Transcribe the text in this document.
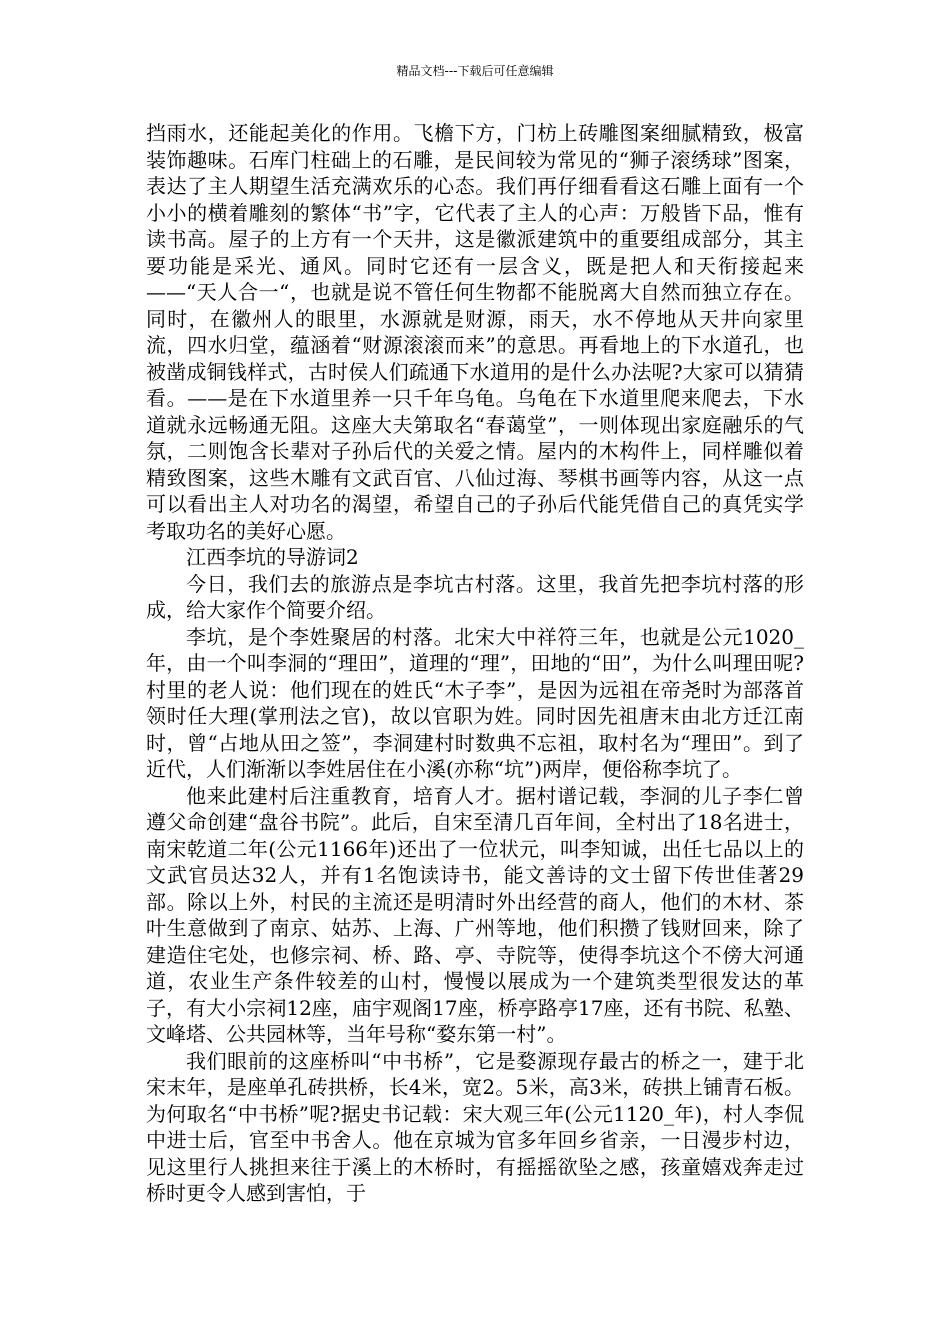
精品文档---下载后可任意编辑

挡雨水，还能起美化的作用。飞檐下方，门枋上砖雕图案细腻精致，极富装饰趣味。石库门柱础上的石雕，是民间较为常见的“狮子滚绣球”图案，表达了主人期望生活充满欢乐的心态。我们再仔细看看这石雕上面有一个小小的横着雕刻的繁体“书”字，它代表了主人的心声：万般皆下品，惟有读书高。屋子的上方有一个天井，这是徽派建筑中的重要组成部分，其主要功能是采光、通风。同时它还有一层含义，既是把人和天衔接起来——“天人合一“，也就是说不管任何生物都不能脱离大自然而独立存在。同时，在徽州人的眼里，水源就是财源，雨天，水不停地从天井向家里流，四水归堂，蕴涵着“财源滚滚而来”的意思。再看地上的下水道孔，也被凿成铜钱样式，古时侯人们疏通下水道用的是什么办法呢?大家可以猜猜看。——是在下水道里养一只千年乌龟。乌龟在下水道里爬来爬去，下水道就永远畅通无阻。这座大夫第取名“春蔼堂”，一则体现出家庭融乐的气氛，二则饱含长辈对子孙后代的关爱之情。屋内的木构件上，同样雕似着精致图案，这些木雕有文武百官、八仙过海、琴棋书画等内容，从这一点可以看出主人对功名的渴望，希望自己的子孙后代能凭借自己的真凭实学考取功名的美好心愿。

江西李坑的导游词2

今日，我们去的旅游点是李坑古村落。这里，我首先把李坑村落的形成，给大家作个简要介绍。

李坑，是个李姓聚居的村落。北宋大中祥符三年，也就是公元1020_年，由一个叫李洞的“理田”，道理的“理”，田地的“田”，为什么叫理田呢?村里的老人说：他们现在的姓氏“木子李”，是因为远祖在帝尧时为部落首领时任大理(掌刑法之官)，故以官职为姓。同时因先祖唐末由北方迁江南时，曾“占地从田之签”，李洞建村时数典不忘祖，取村名为“理田”。到了近代，人们渐渐以李姓居住在小溪(亦称“坑”)两岸，便俗称李坑了。

他来此建村后注重教育，培育人才。据村谱记载，李洞的儿子李仁曾遵父命创建“盘谷书院”。此后，自宋至清几百年间，全村出了18名进士，南宋乾道二年(公元1166年)还出了一位状元，叫李知诚，出任七品以上的文武官员达32人，并有1名饱读诗书，能文善诗的文士留下传世佳著29部。除以上外，村民的主流还是明清时外出经营的商人，他们的木材、茶叶生意做到了南京、姑苏、上海、广州等地，他们积攒了钱财回来，除了建造住宅处，也修宗祠、桥、路、亭、寺院等，使得李坑这个不傍大河通道，农业生产条件较差的山村，慢慢以展成为一个建筑类型很发达的革子，有大小宗祠12座，庙宇观阁17座，桥亭路亭17座，还有书院、私塾、文峰塔、公共园林等，当年号称“婺东第一村”。

我们眼前的这座桥叫“中书桥”，它是婺源现存最古的桥之一，建于北宋末年，是座单孔砖拱桥，长4米，宽2。5米，高3米，砖拱上铺青石板。为何取名“中书桥”呢?据史书记载：宋大观三年(公元1120_年)，村人李侃中进士后，官至中书舍人。他在京城为官多年回乡省亲，一日漫步村边，见这里行人挑担来往于溪上的木桥时，有摇摇欲坠之感，孩童嬉戏奔走过桥时更令人感到害怕，于
